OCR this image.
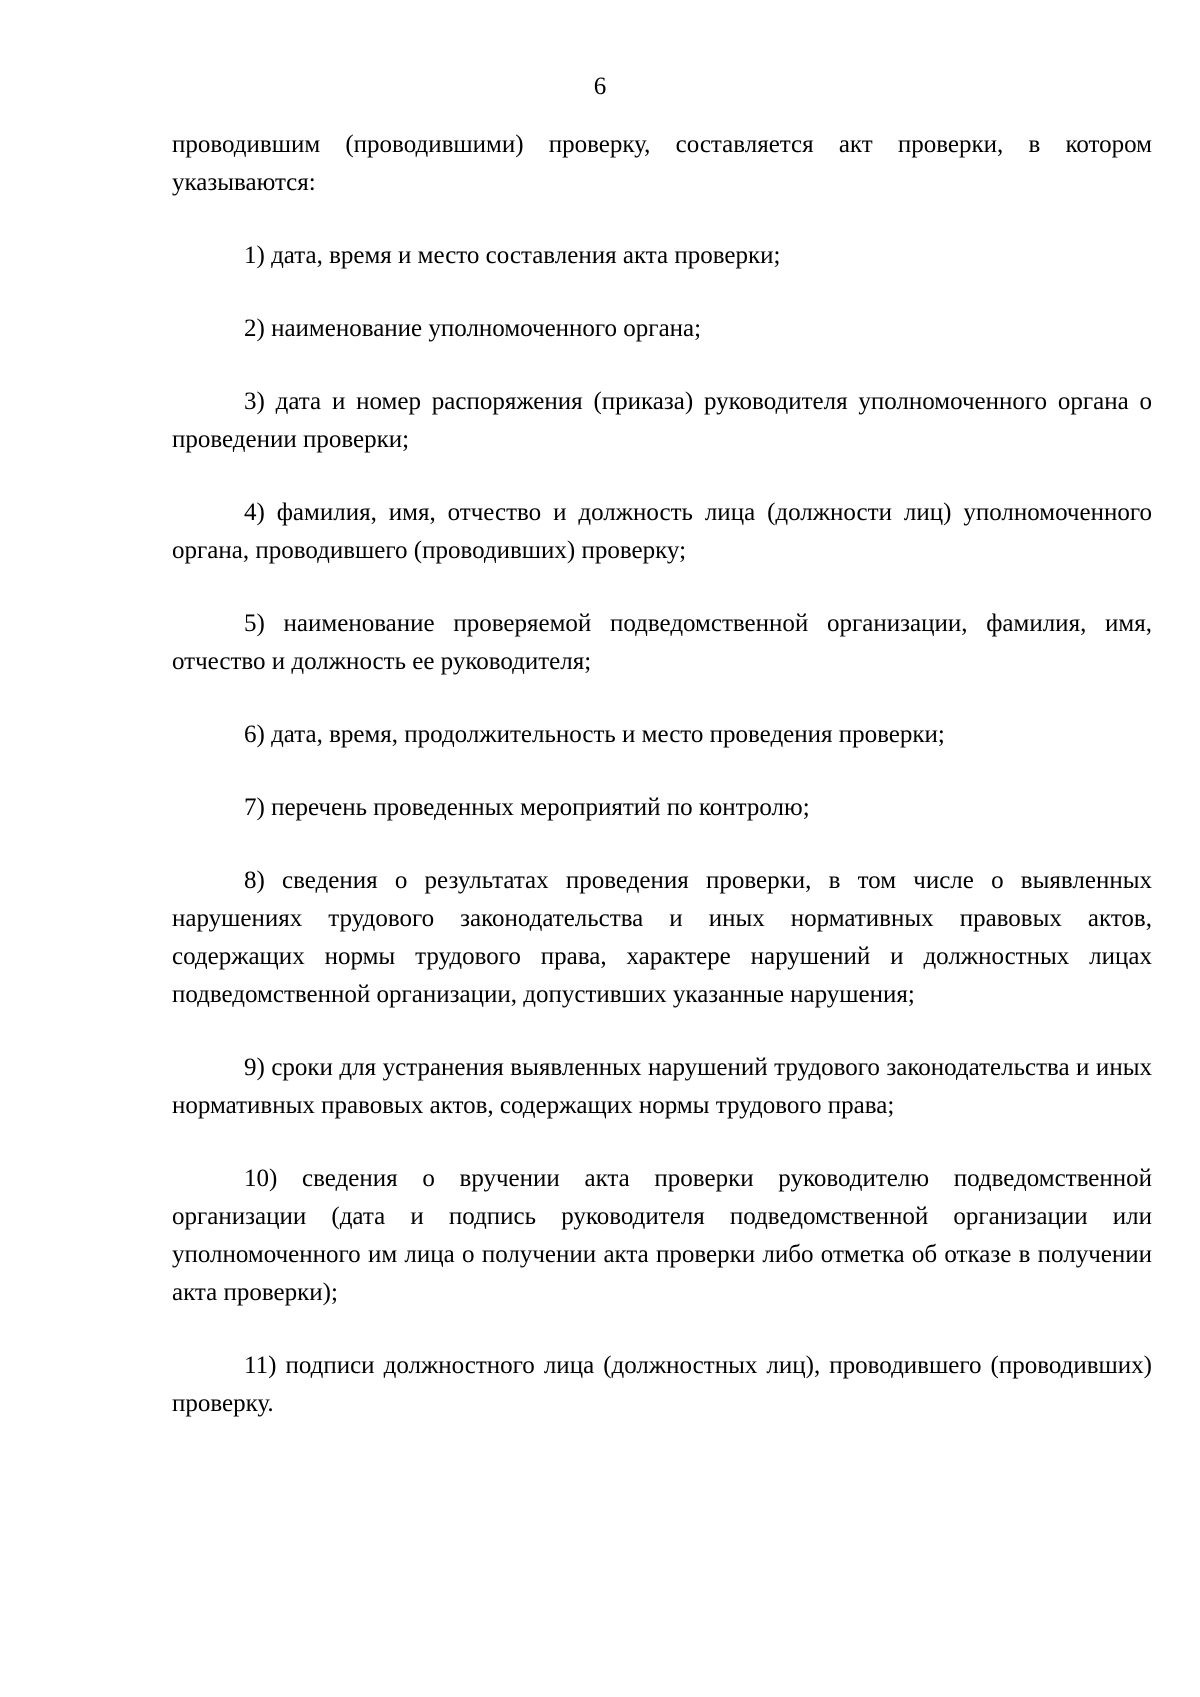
6

проводившим (проводившими) проверку, составляется акт проверки, в котором указываются:

1) дата, время и место составления акта проверки;

2) наименование уполномоченного органа;

3) дата и номер распоряжения (приказа) руководителя уполномоченного органа о проведении проверки;

4) фамилия, имя, отчество и должность лица (должности лиц) уполномоченного органа, проводившего (проводивших) проверку;

5) наименование проверяемой подведомственной организации, фамилия, имя, отчество и должность ее руководителя;

6) дата, время, продолжительность и место проведения проверки;

7) перечень проведенных мероприятий по контролю;

8) сведения о результатах проведения проверки, в том числе о выявленных нарушениях трудового законодательства и иных нормативных правовых актов, содержащих нормы трудового права, характере нарушений и должностных лицах подведомственной организации, допустивших указанные нарушения;

9) сроки для устранения выявленных нарушений трудового законодательства и иных нормативных правовых актов, содержащих нормы трудового права;

10) сведения о вручении акта проверки руководителю подведомственной организации (дата и подпись руководителя подведомственной организации или уполномоченного им лица о получении акта проверки либо отметка об отказе в получении акта проверки);

11) подписи должностного лица (должностных лиц), проводившего (проводивших) проверку.
